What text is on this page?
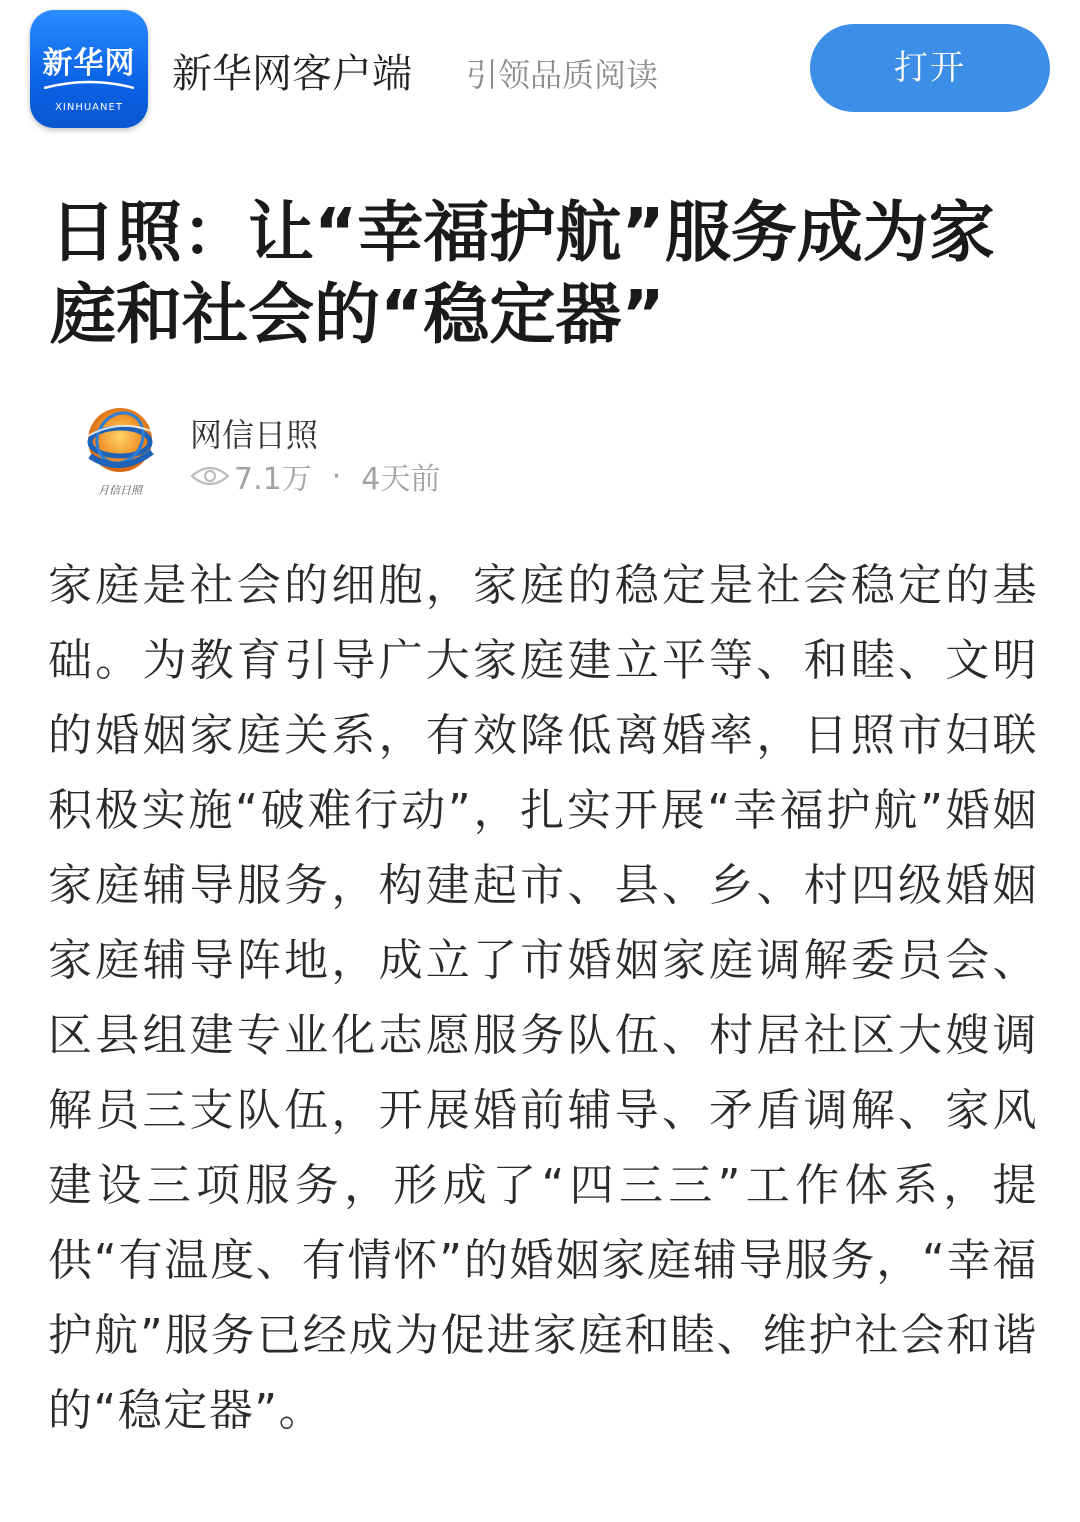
新华网
XINHUANET
新华网客户端 引领品质阅读	打开
日照：让“幸福护航”服务成为家庭和社会的“稳定器”
月信日照
网信日照
7.1万 · 4天前

家庭是社会的细胞，家庭的稳定是社会稳定的基础。为教育引导广大家庭建立平等、和睦、文明的婚姻家庭关系，有效降低离婚率，日照市妇联积极实施“破难行动”，扎实开展“幸福护航”婚姻家庭辅导服务，构建起市、县、乡、村四级婚姻家庭辅导阵地，成立了市婚姻家庭调解委员会、区县组建专业化志愿服务队伍、村居社区大嫂调解员三支队伍，开展婚前辅导、矛盾调解、家风建设三项服务，形成了“四三三”工作体系，提供“有温度、有情怀”的婚姻家庭辅导服务，“幸福护航”服务已经成为促进家庭和睦、维护社会和谐的“稳定器”。
